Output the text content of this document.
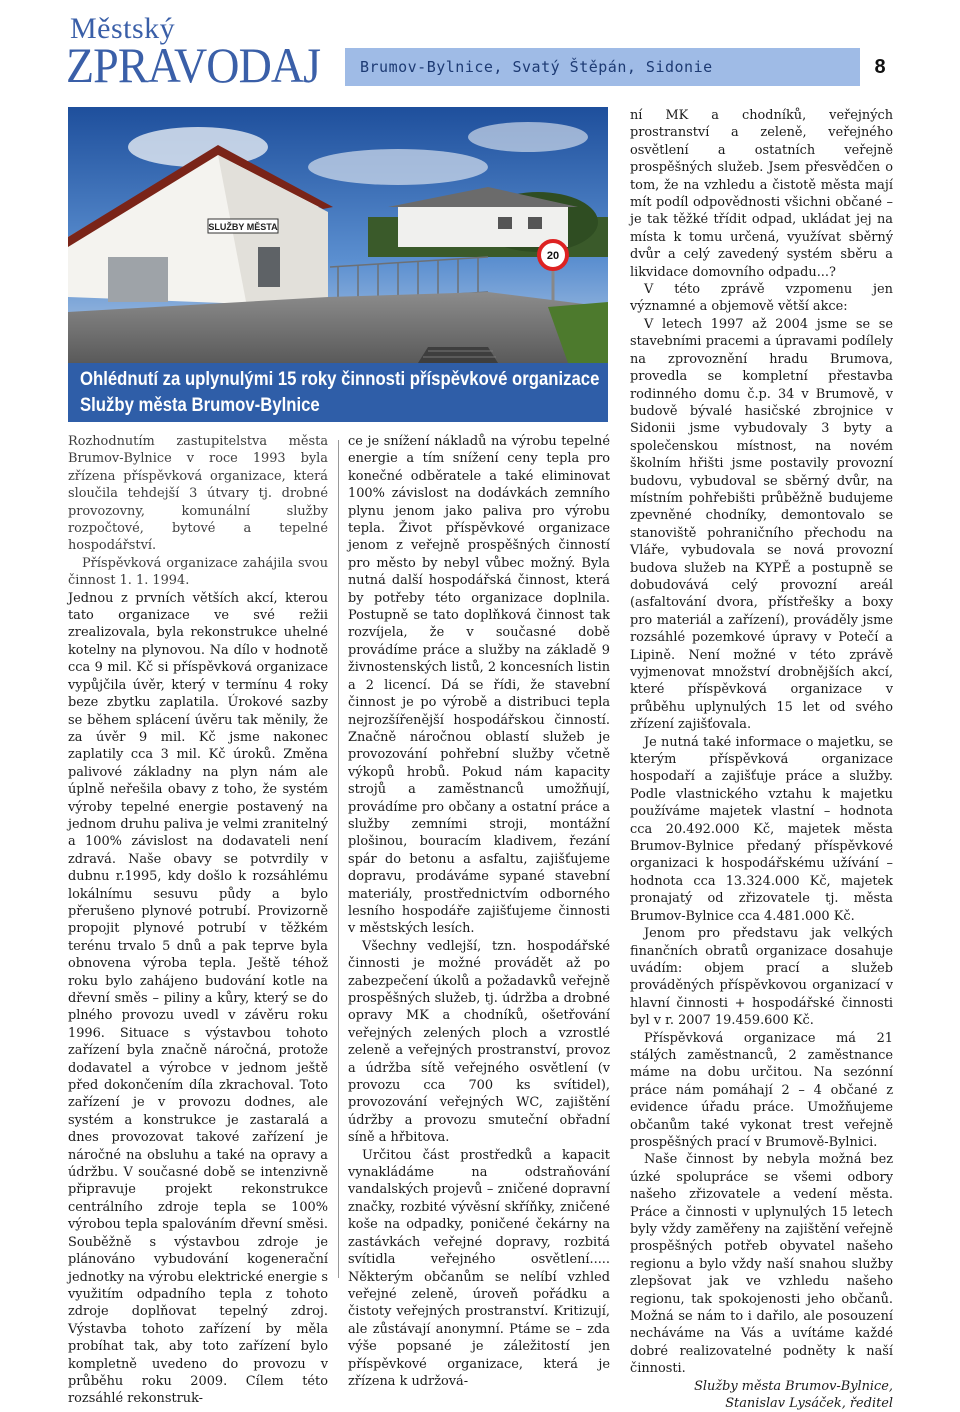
Městský
ZPRAVODAJ	Brumov-Bylnice, Svatý Štěpán, Sidonie	8
SLUŽBY MĚSTA
20
Ohlédnutí za uplynulými 15 roky činnosti příspěvkové organizace
Služby města Brumov-Bylnice

Rozhodnutím zastupitelstva města Brumov-Bylnice v roce 1993 byla zřízena příspěvková organizace, která sloučila tehdejší 3 útvary tj. drobné provozovny, komunální služby rozpočtové, bytové a tepelné hospodářství.

Příspěvková organizace zahájila svou činnost 1. 1. 1994.

Jednou z prvních větších akcí, kterou tato organizace ve své režii zrealizovala, byla rekonstrukce uhelné kotelny na plynovou. Na dílo v hodnotě cca 9 mil. Kč si příspěvková organizace vypůjčila úvěr, který v termínu 4 roky beze zbytku zaplatila. Úrokové sazby se během splácení úvěru tak měnily, že za úvěr 9 mil. Kč jsme nakonec zaplatily cca 3 mil. Kč úroků. Změna palivové základny na plyn nám ale úplně neřešila obavy z toho, že systém výroby tepelné energie postavený na jednom druhu paliva je velmi zranitelný a 100% závislost na dodavateli není zdravá. Naše obavy se potvrdily v dubnu r.1995, kdy došlo k rozsáhlému lokálnímu sesuvu půdy a bylo přerušeno plynové potrubí. Provizorně propojit plynové potrubí v těžkém terénu trvalo 5 dnů a pak teprve byla obnovena výroba tepla. Ještě téhož roku bylo zahájeno budování kotle na dřevní směs – piliny a kůry, který se do plného provozu uvedl v závěru roku 1996. Situace s výstavbou tohoto zařízení byla značně náročná, protože dodavatel a výrobce v jednom ještě před dokončením díla zkrachoval. Toto zařízení je v provozu dodnes, ale systém a konstrukce je zastaralá a dnes provozovat takové zařízení je náročné na obsluhu a také na opravy a údržbu. V současné době se intenzivně připravuje projekt rekonstrukce centrálního zdroje tepla se 100% výrobou tepla spalováním dřevní směsi. Souběžně s výstavbou zdroje je plánováno vybudování kogenerační jednotky na výrobu elektrické energie s využitím odpadního tepla z tohoto zdroje doplňovat tepelný zdroj. Výstavba tohoto zařízení by měla probíhat tak, aby toto zařízení bylo kompletně uvedeno do provozu v průběhu roku 2009. Cílem této rozsáhlé rekonstruk-

ce je snížení nákladů na výrobu tepelné energie a tím snížení ceny tepla pro konečné odběratele a také eliminovat 100% závislost na dodávkách zemního plynu jenom jako paliva pro výrobu tepla. Život příspěvkové organizace jenom z veřejně prospěšných činností pro město by nebyl vůbec možný. Byla nutná další hospodářská činnost, která by potřeby této organizace doplnila. Postupně se tato doplňková činnost tak rozvíjela, že v současné době provádíme práce a služby na základě 9 živnostenských listů, 2 koncesních listin a 2 licencí. Dá se řídi, že stavební činnost je po výrobě a distribuci tepla nejrozšířenější hospodářskou činností. Značně náročnou oblastí služeb je provozování pohřební služby včetně výkopů hrobů. Pokud nám kapacity strojů a zaměstnanců umožňují, provádíme pro občany a ostatní práce a služby zemními stroji, montážní plošinou, bouracím kladivem, řezání spár do betonu a asfaltu, zajišťujeme dopravu, prodáváme sypané stavební materiály, prostřednictvím odborného lesního hospodáře zajišťujeme činnosti v městských lesích.

Všechny vedlejší, tzn. hospodářské činnosti je možné provádět až po zabezpečení úkolů a požadavků veřejně prospěšných služeb, tj. údržba a drobné opravy MK a chodníků, ošetřování veřejných zelených ploch a vzrostlé zeleně a veřejných prostranství, provoz a údržba sítě veřejného osvětlení (v provozu cca 700 ks svítidel), provozování veřejných WC, zajištění údržby a provozu smuteční obřadní síně a hřbitova.

Určitou část prostředků a kapacit vynakládáme na odstraňování vandalských projevů – zničené dopravní značky, rozbité vývěsní skříňky, zničené koše na odpadky, poničené čekárny na zastávkách veřejné dopravy, rozbitá svítidla veřejného osvětlení..... Některým občanům se nelíbí vzhled veřejné zeleně, úroveň pořádku a čistoty veřejných prostranství. Kritizují, ale zůstávají anonymní. Ptáme se – zda výše popsané je záležitostí jen příspěvkové organizace, která je zřízena k udržová-

ní MK a chodníků, veřejných prostranství a zeleně, veřejného osvětlení a ostatních veřejně prospěšných služeb. Jsem přesvědčen o tom, že na vzhledu a čistotě města mají mít podíl odpovědnosti všichni občané – je tak těžké třídit odpad, ukládat jej na místa k tomu určená, využívat sběrný dvůr a celý zavedený systém sběru a likvidace domovního odpadu...?

V této zprávě vzpomenu jen významné a objemově větší akce:

V letech 1997 až 2004 jsme se se stavebními pracemi a úpravami podílely na zprovoznění hradu Brumova, provedla se kompletní přestavba rodinného domu č.p. 34 v Brumově, v budově bývalé hasičské zbrojnice v Sidonii jsme vybudovaly 3 byty a společenskou místnost, na novém školním hřišti jsme postavily provozní budovu, vybudoval se sběrný dvůr, na místním pohřebišti průběžně budujeme zpevněné chodníky, demontovalo se stanoviště pohraničního přechodu na Vláře, vybudovala se nová provozní budova služeb na KYPĚ a postupně se dobudovává celý provozní areál (asfaltování dvora, přístřešky a boxy pro materiál a zařízení), prováděly jsme rozsáhlé pozemkové úpravy v Potečí a Lipině. Není možné v této zprávě vyjmenovat množství drobnějších akcí, které příspěvková organizace v průběhu uplynulých 15 let od svého zřízení zajišťovala.

Je nutná také informace o majetku, se kterým příspěvková organizace hospodaří a zajišťuje práce a služby. Podle vlastnického vztahu k majetku používáme majetek vlastní – hodnota cca 20.492.000 Kč, majetek města Brumov-Bylnice předaný příspěvkové organizaci k hospodářskému užívání – hodnota cca 13.324.000 Kč, majetek pronajatý od zřizovatele tj. města Brumov-Bylnice cca 4.481.000 Kč.

Jenom pro představu jak velkých finančních obratů organizace dosahuje uvádím: objem prací a služeb prováděných příspěvkovou organizací v hlavní činnosti + hospodářské činnosti byl v r. 2007 19.459.600 Kč.

Příspěvková organizace má 21 stálých zaměstnanců, 2 zaměstnance máme na dobu určitou. Na sezónní práce nám pomáhají 2 – 4 občané z evidence úřadu práce. Umožňujeme občanům také vykonat trest veřejně prospěšných prací v Brumově-Bylnici.

Naše činnost by nebyla možná bez úzké spolupráce se všemi odbory našeho zřizovatele a vedení města. Práce a činnosti v uplynulých 15 letech byly vždy zaměřeny na zajištění veřejně prospěšných potřeb obyvatel našeho regionu a bylo vždy naší snahou služby zlepšovat jak ve vzhledu našeho regionu, tak spokojenosti jeho občanů. Možná se nám to i dařilo, ale posouzení necháváme na Vás a uvítáme každé dobré realizovatelné podněty k naší činnosti.

Služby města Brumov-Bylnice,

Stanislav Lysáček, ředitel
